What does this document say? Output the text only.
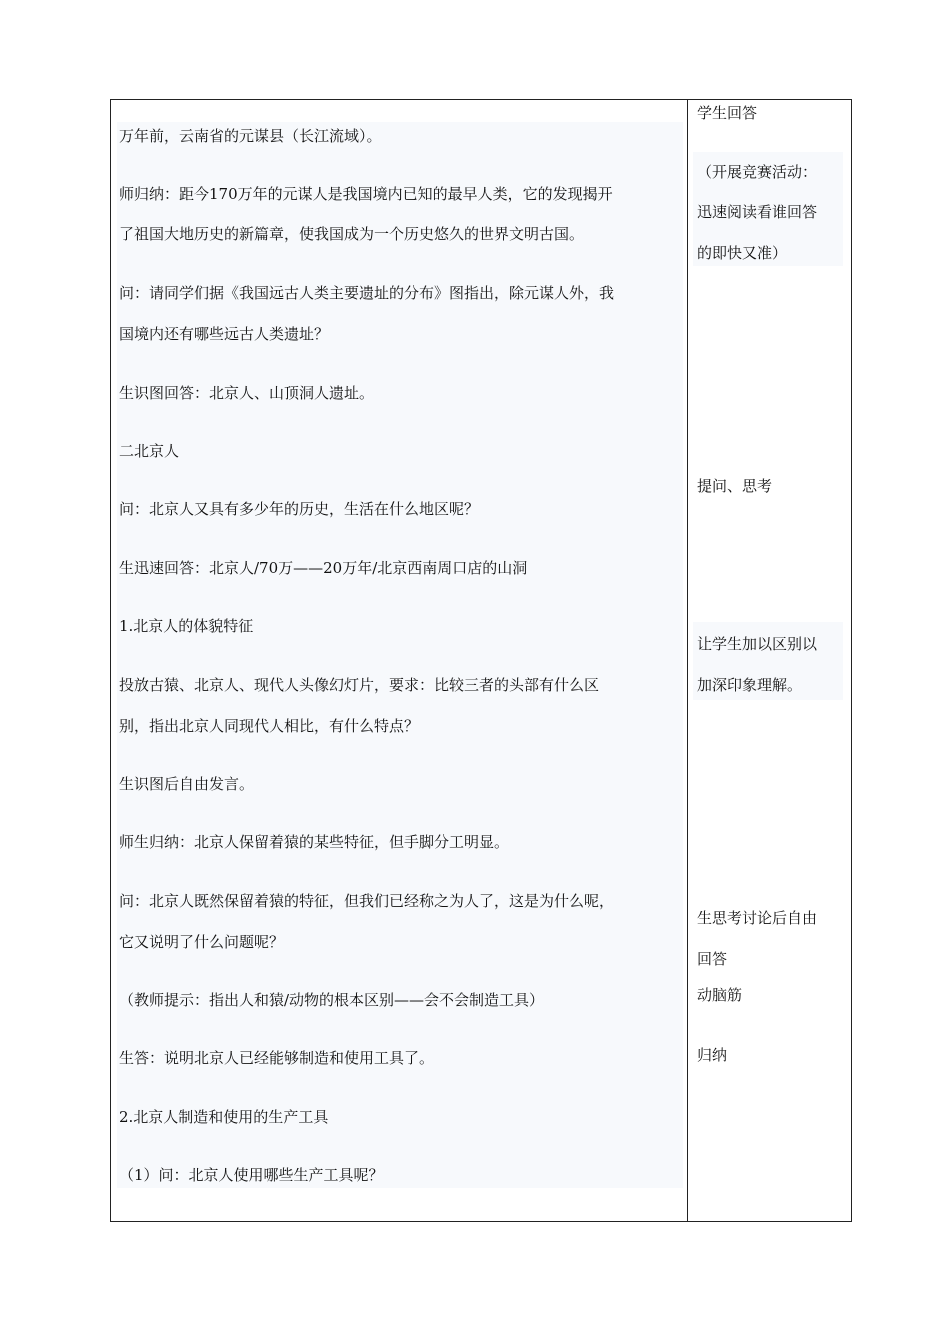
万年前，云南省的元谋县（长江流域）。
师归纳：距今170万年的元谋人是我国境内已知的最早人类，它的发现揭开
了祖国大地历史的新篇章，使我国成为一个历史悠久的世界文明古国。
问：请同学们据《我国远古人类主要遗址的分布》图指出，除元谋人外，我
国境内还有哪些远古人类遗址？
生识图回答：北京人、山顶洞人遗址。
二北京人
问：北京人又具有多少年的历史，生活在什么地区呢？
生迅速回答：北京人/70万——20万年/北京西南周口店的山洞
1.北京人的体貌特征
投放古猿、北京人、现代人头像幻灯片，要求：比较三者的头部有什么区
别，指出北京人同现代人相比，有什么特点？
生识图后自由发言。
师生归纳：北京人保留着猿的某些特征，但手脚分工明显。
问：北京人既然保留着猿的特征，但我们已经称之为人了，这是为什么呢，
它又说明了什么问题呢？
（教师提示：指出人和猿/动物的根本区别——会不会制造工具）
生答：说明北京人已经能够制造和使用工具了。
2.北京人制造和使用的生产工具
（1）问：北京人使用哪些生产工具呢？
学生回答
（开展竞赛活动：
迅速阅读看谁回答
的即快又准）
提问、思考
让学生加以区别以
加深印象理解。
生思考讨论后自由
回答
动脑筋
归纳
